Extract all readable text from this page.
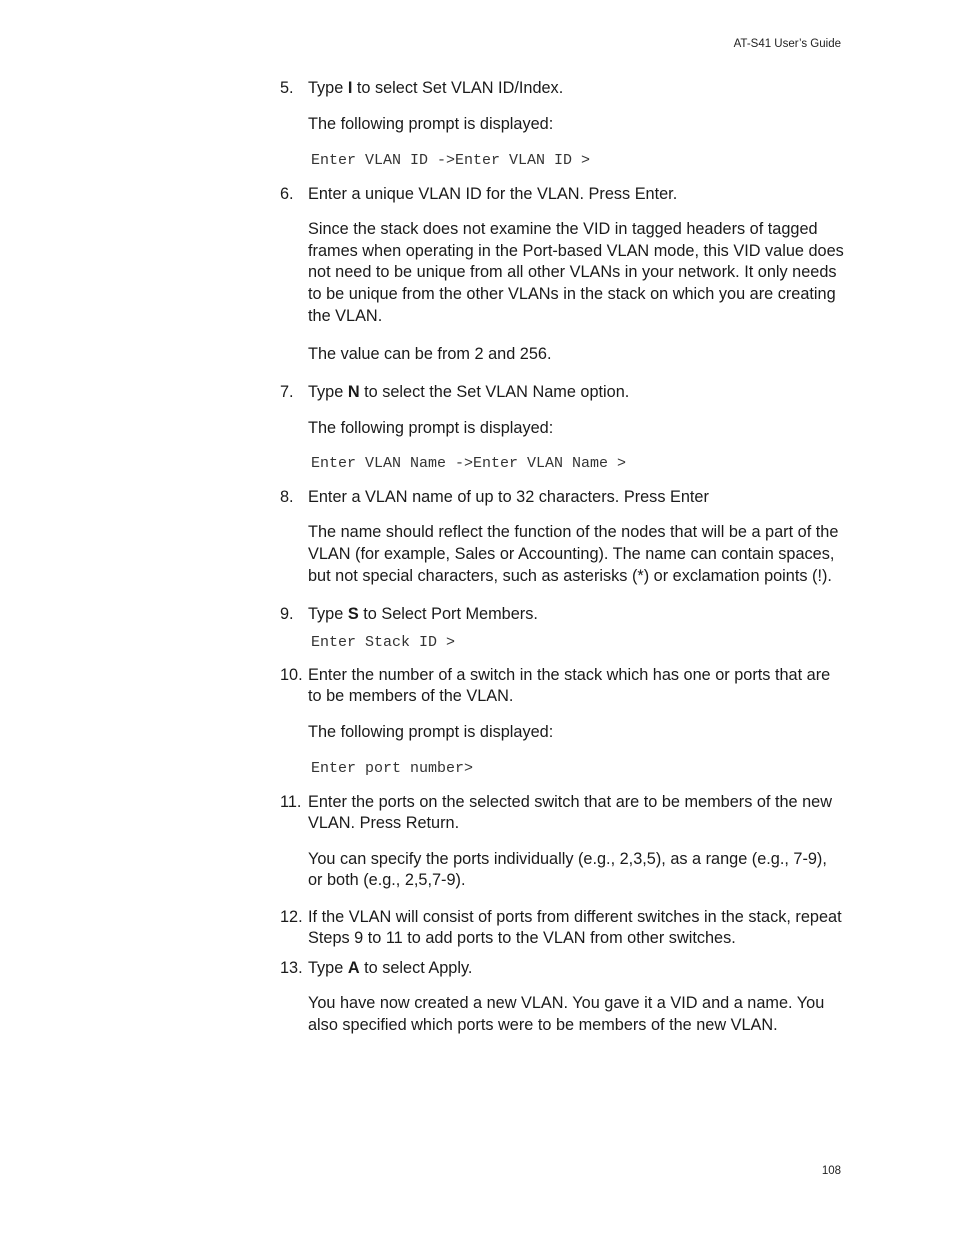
AT-S41 User’s Guide
5. Type I to select Set VLAN ID/Index.
The following prompt is displayed:
Enter VLAN ID ->Enter VLAN ID >
6. Enter a unique VLAN ID for the VLAN. Press Enter.
Since the stack does not examine the VID in tagged headers of tagged frames when operating in the Port-based VLAN mode, this VID value does not need to be unique from all other VLANs in your network. It only needs to be unique from the other VLANs in the stack on which you are creating the VLAN.
The value can be from 2 and 256.
7. Type N to select the Set VLAN Name option.
The following prompt is displayed:
Enter VLAN Name ->Enter VLAN Name >
8. Enter a VLAN name of up to 32 characters. Press Enter
The name should reflect the function of the nodes that will be a part of the VLAN (for example, Sales or Accounting). The name can contain spaces, but not special characters, such as asterisks (*) or exclamation points (!).
9. Type S to Select Port Members.
Enter Stack ID >
10. Enter the number of a switch in the stack which has one or ports that are to be members of the VLAN.
The following prompt is displayed:
Enter port number>
11. Enter the ports on the selected switch that are to be members of the new VLAN. Press Return.
You can specify the ports individually (e.g., 2,3,5), as a range (e.g., 7-9), or both (e.g., 2,5,7-9).
12. If the VLAN will consist of ports from different switches in the stack, repeat Steps 9 to 11 to add ports to the VLAN from other switches.
13. Type A to select Apply.
You have now created a new VLAN. You gave it a VID and a name. You also specified which ports were to be members of the new VLAN.
108
